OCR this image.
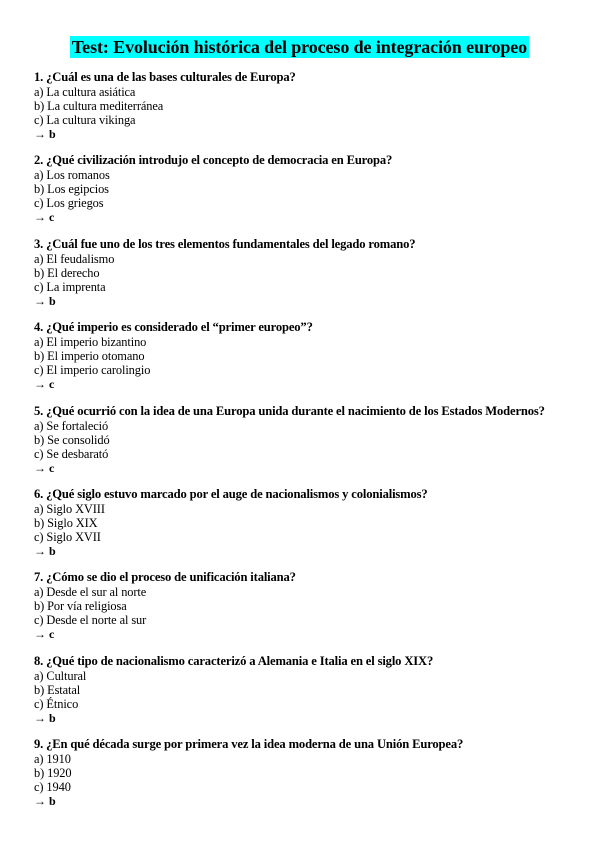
Test: Evolución histórica del proceso de integración europeo
1. ¿Cuál es una de las bases culturales de Europa?
a) La cultura asiática
b) La cultura mediterránea
c) La cultura vikinga
→ b
2. ¿Qué civilización introdujo el concepto de democracia en Europa?
a) Los romanos
b) Los egipcios
c) Los griegos
→ c
3. ¿Cuál fue uno de los tres elementos fundamentales del legado romano?
a) El feudalismo
b) El derecho
c) La imprenta
→ b
4. ¿Qué imperio es considerado el “primer europeo”?
a) El imperio bizantino
b) El imperio otomano
c) El imperio carolingio
→ c
5. ¿Qué ocurrió con la idea de una Europa unida durante el nacimiento de los Estados Modernos?
a) Se fortaleció
b) Se consolidó
c) Se desbarató
→ c
6. ¿Qué siglo estuvo marcado por el auge de nacionalismos y colonialismos?
a) Siglo XVIII
b) Siglo XIX
c) Siglo XVII
→ b
7. ¿Cómo se dio el proceso de unificación italiana?
a) Desde el sur al norte
b) Por vía religiosa
c) Desde el norte al sur
→ c
8. ¿Qué tipo de nacionalismo caracterizó a Alemania e Italia en el siglo XIX?
a) Cultural
b) Estatal
c) Étnico
→ b
9. ¿En qué década surge por primera vez la idea moderna de una Unión Europea?
a) 1910
b) 1920
c) 1940
→ b
